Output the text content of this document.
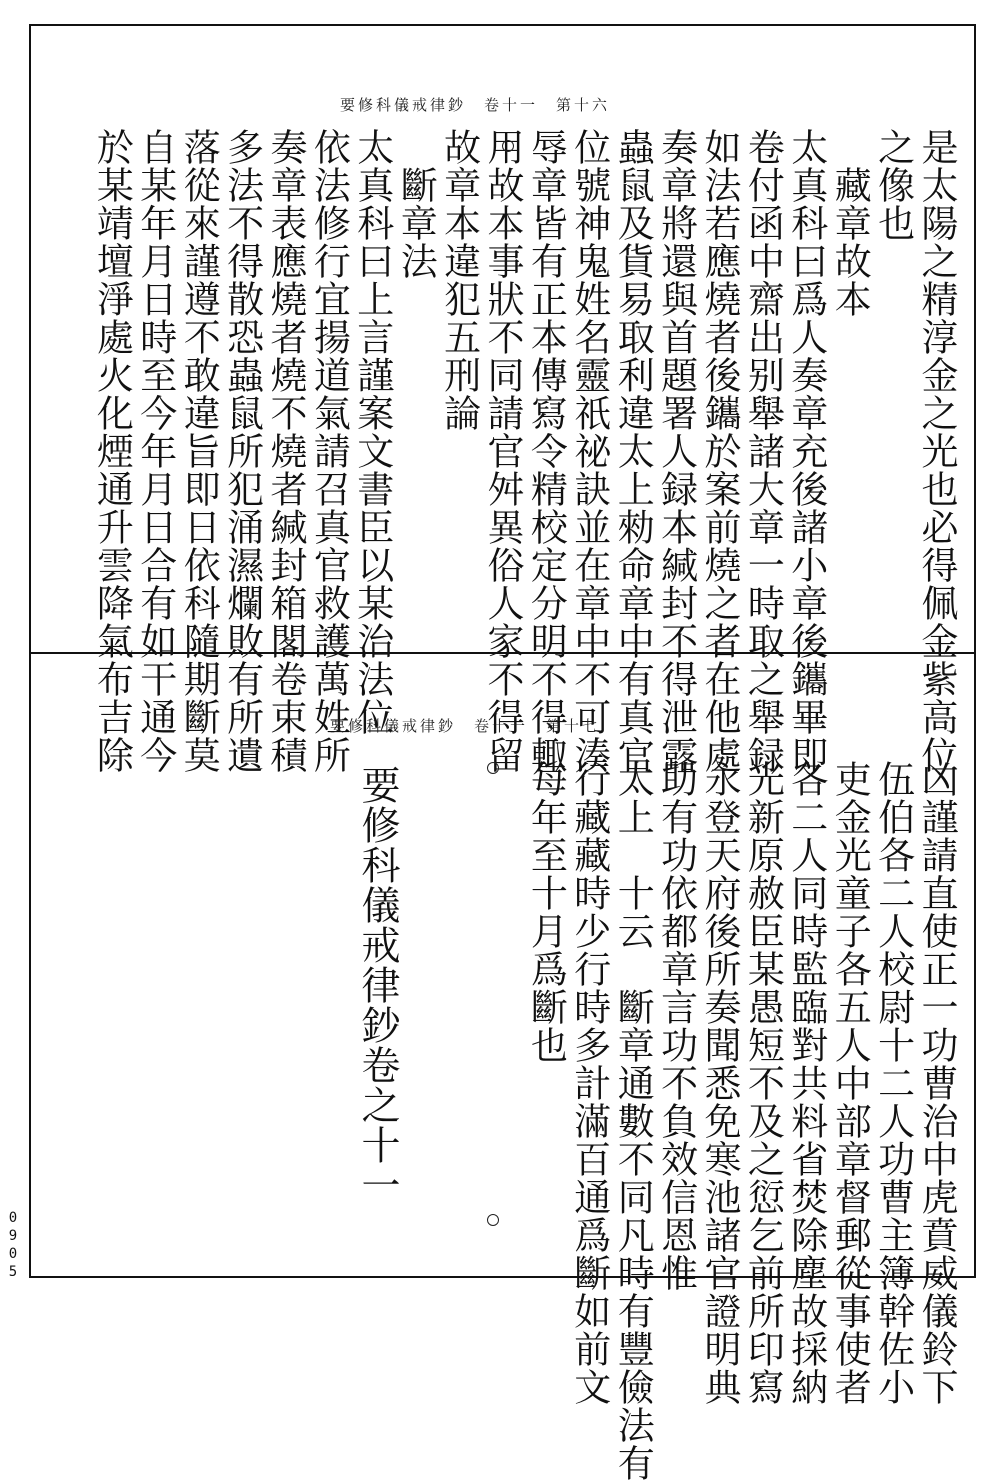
要修科儀戒律鈔　卷十一　第十六
是太陽之精淳金之光也必得佩金紫高位
之像也
　藏章故本
太真科曰爲人奏章充後諸小章後鑴畢即
卷付函中齋出别舉諸大章一時取之舉録
如法若應燒者後鑴於案前燒之者在他處
奏章將還與首題署人録本緘封不得泄露
蟲鼠及貨易取利違太上勑命章中有真官
位號神鬼姓名靈祇祕訣並在章中不可湊
辱章皆有正本傳寫令精校定分明不得輙
用故本事狀不同請官舛異俗人家不得留
故章本違犯五刑論
　斷章法
太真科曰上言謹案文書臣以某治法位
依法修行宜揚道氣請召真官救護萬姓所
奏章表應燒者燒不燒者緘封箱閣卷束積
多法不得散恐蟲鼠所犯涌濕爛敗有所遺
落從來謹遵不敢違旨即日依科隨期斷莫
自某年月日時至今年月日合有如干通今
於某靖壇淨處火化煙通升雲降氣布吉除	要修科儀戒律鈔　卷十一　第十七
凶謹請直使正一功曹治中虎賁威儀鈴下
伍伯各二人校尉十二人功曹主簿幹佐小
吏金光童子各五人中部章督郵從事使者
各二人同時監臨對共料省焚除塵故採納
光新原赦臣某愚短不及之愆乞前所印寫
永登天府後所奏聞悉免寒池諸官證明典
助有功依都章言功不負效信恩惟
太上　十云　斷章通數不同凡時有豐儉法有
行藏藏時少行時多計滿百通爲斷如前文
每年至十月爲斷也
要修科儀戒律鈔卷之十一
0905
